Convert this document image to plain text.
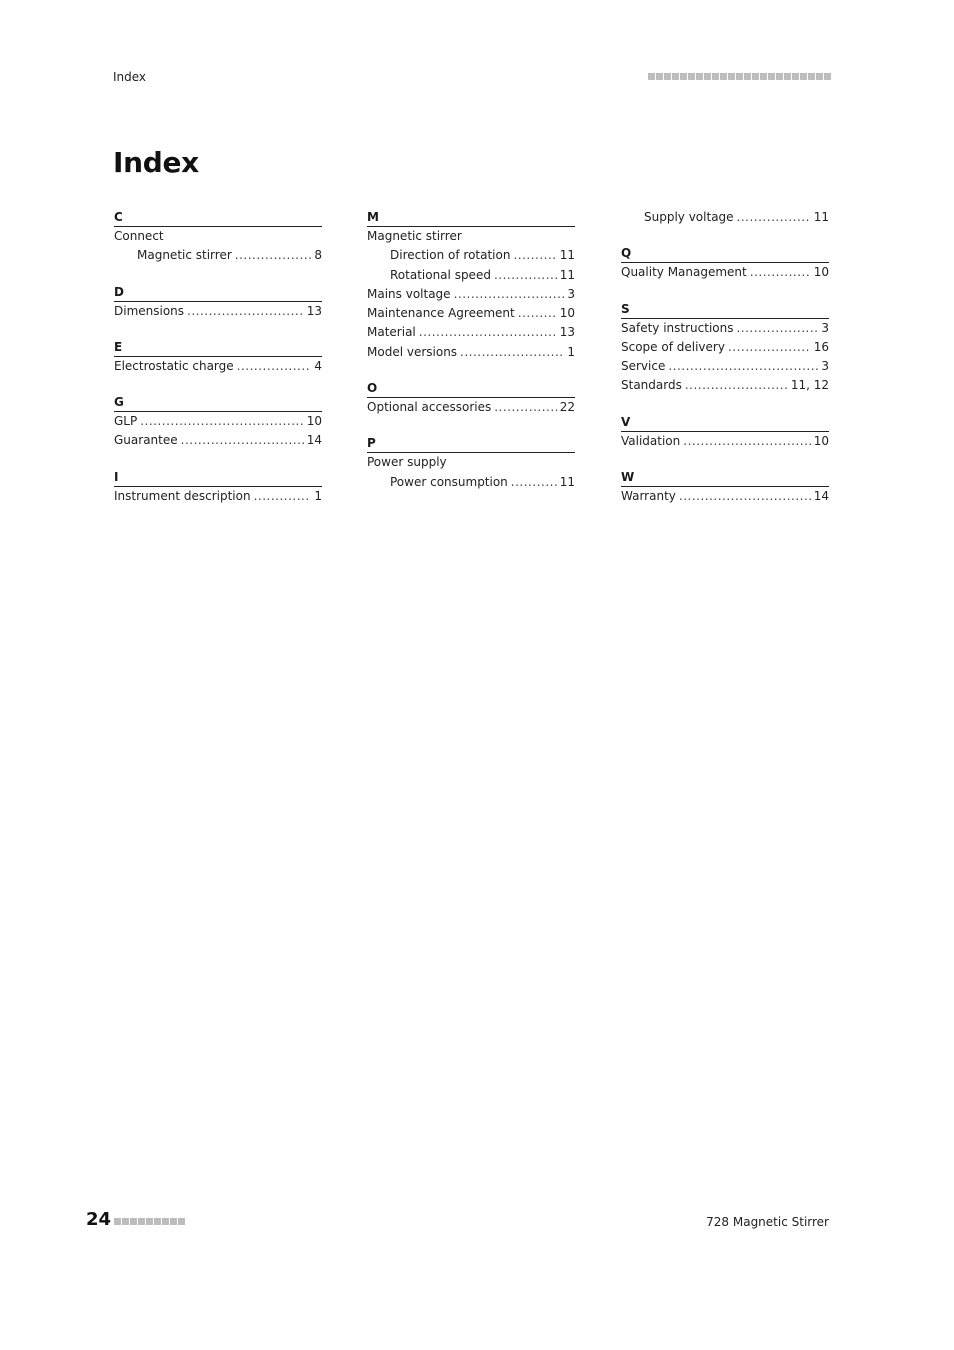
Index
Index
C
Connect
Magnetic stirrer .....	8
D
Dimensions .....	13
E
Electrostatic charge .....	4
G
GLP .....	10
Guarantee .....	14
I
Instrument description .....	1
M
Magnetic stirrer
Direction of rotation .....	11
Rotational speed .....	11
Mains voltage .....	3
Maintenance Agreement .....	10
Material .....	13
Model versions .....	1
O
Optional accessories .....	22
P
Power supply
Power consumption .....	11
Supply voltage .....	11
Q
Quality Management .....	10
S
Safety instructions .....	3
Scope of delivery .....	16
Service .....	3
Standards .....	11, 12
V
Validation .....	10
W
Warranty .....	14
24	728 Magnetic Stirrer
